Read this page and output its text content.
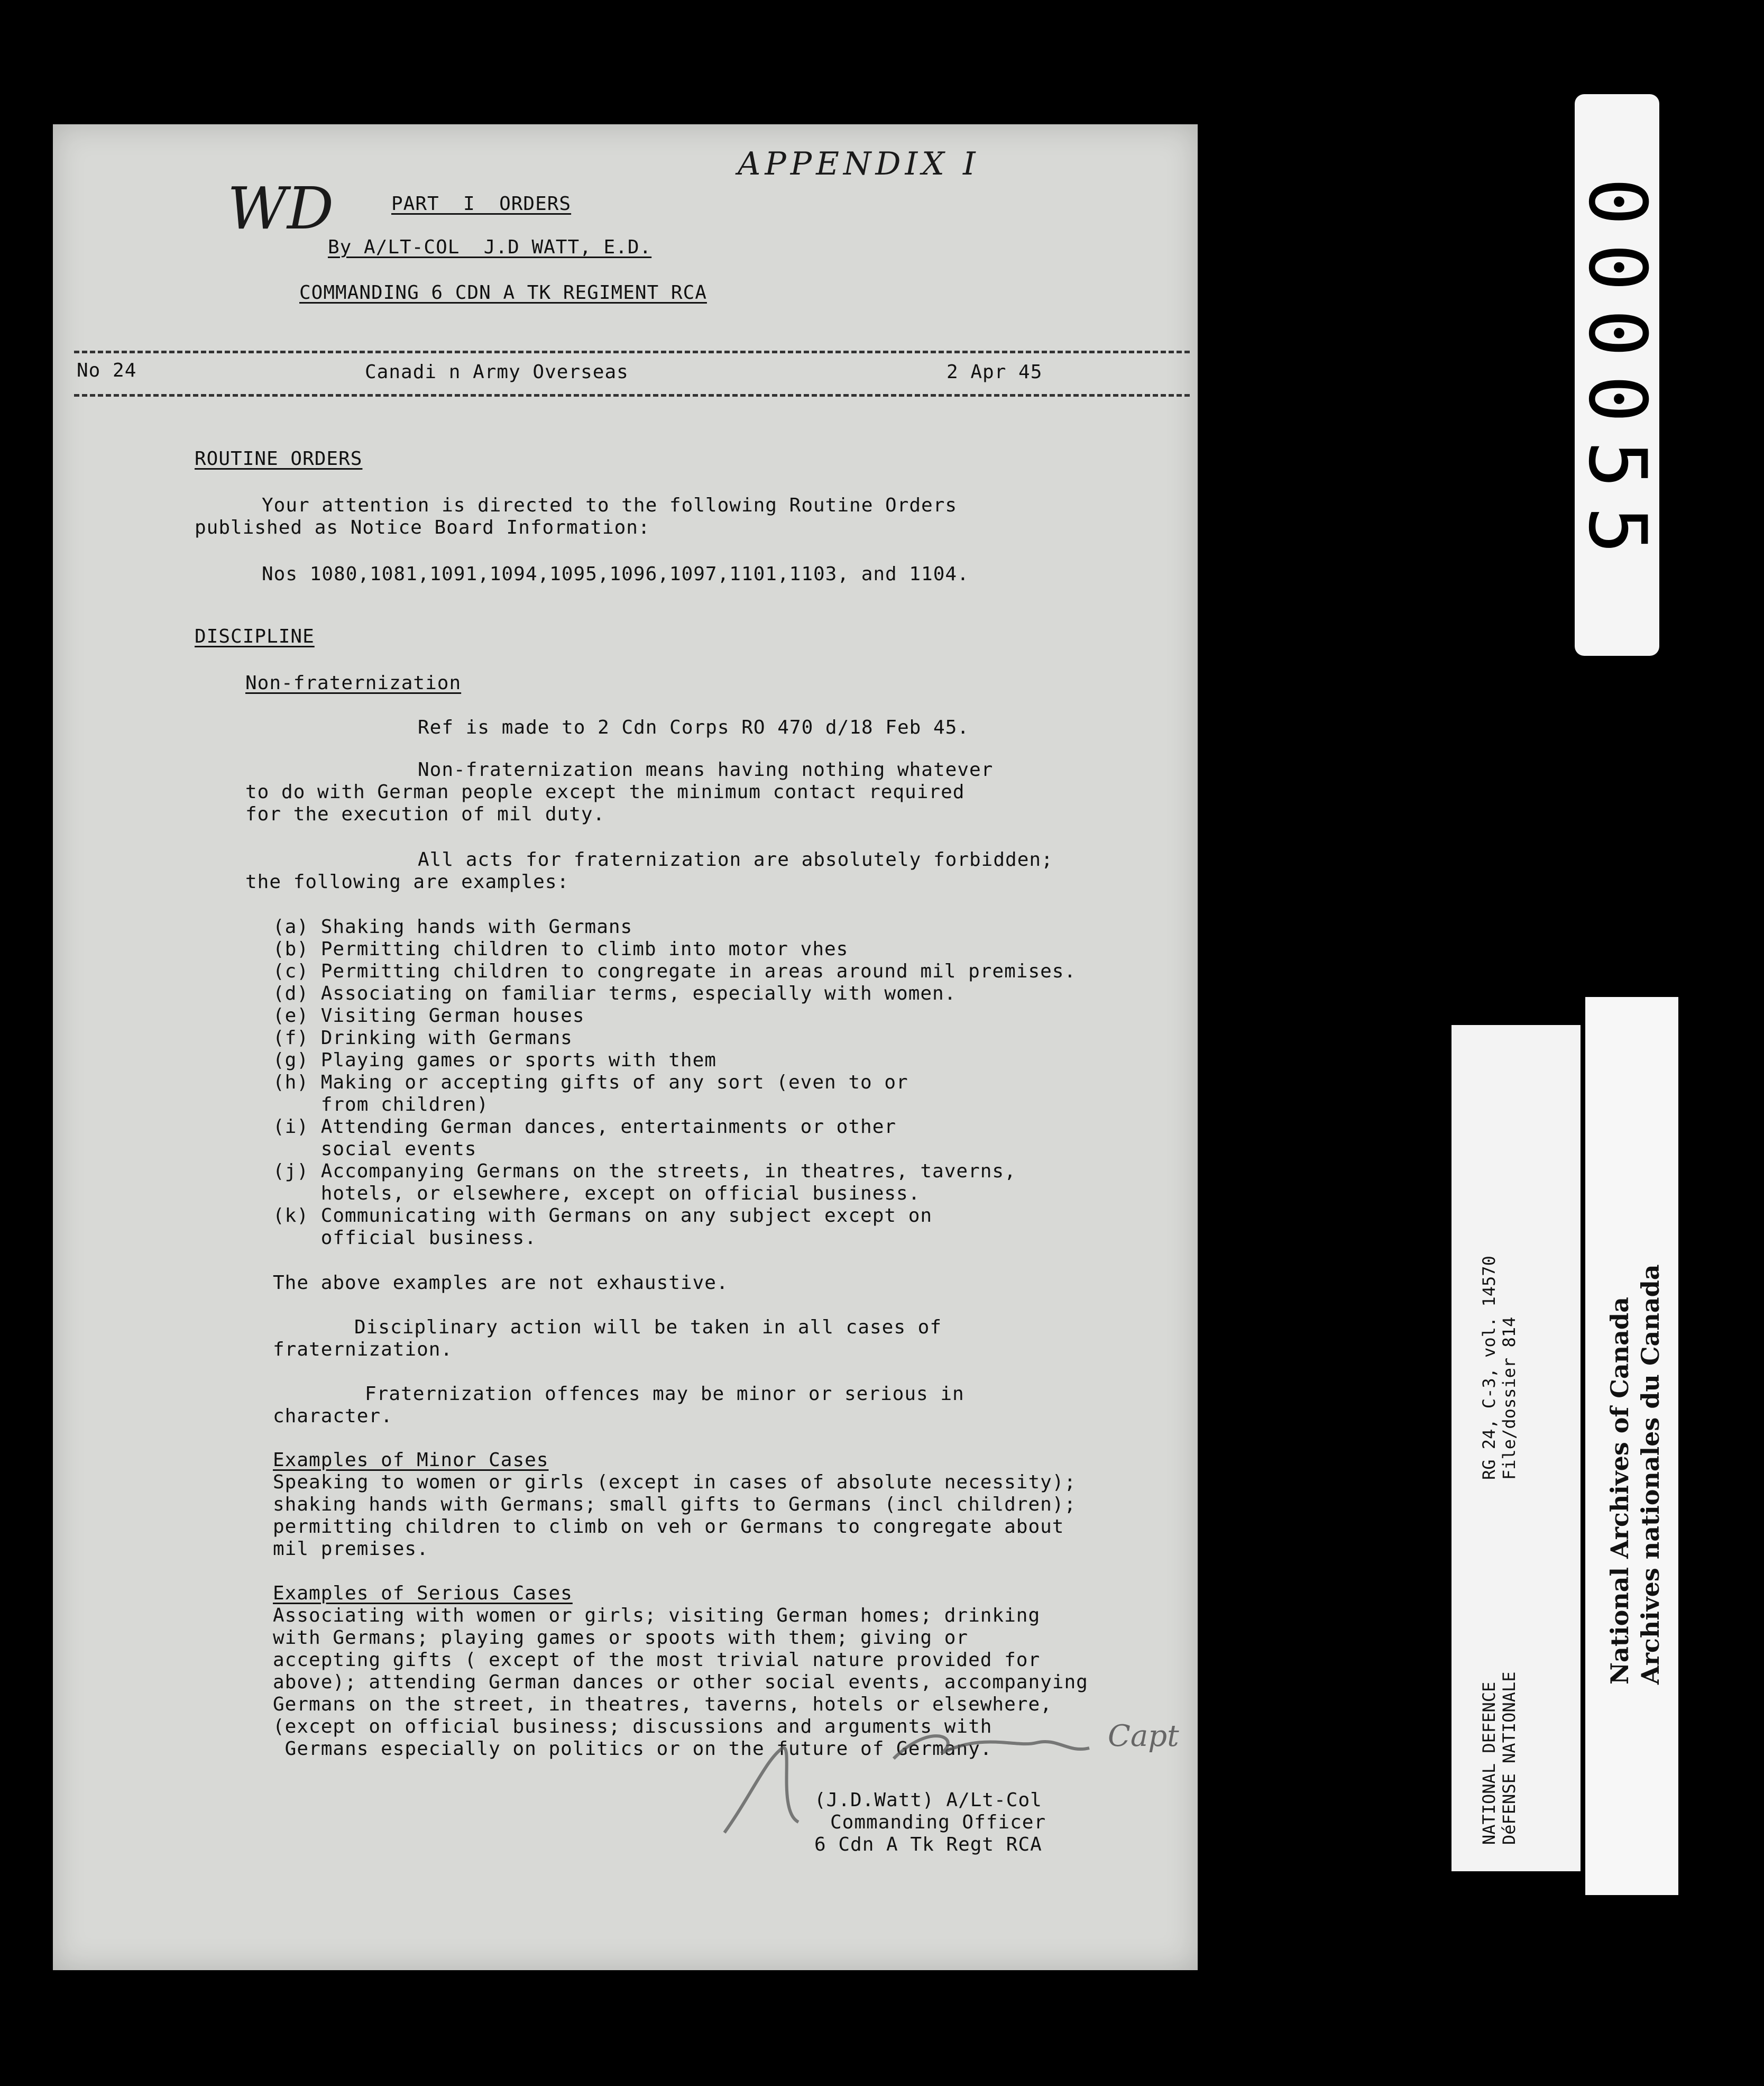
WD
APPENDIX I
PART  I  ORDERS
By A/LT-COL  J.D WATT, E.D.
COMMANDING 6 CDN A TK REGIMENT RCA
No 24	Canadi n Army Overseas	2 Apr 45
ROUTINE ORDERS
Your attention is directed to the following Routine Orders
published as Notice Board Information:
Nos 1080,1081,1091,1094,1095,1096,1097,1101,1103, and 1104.
DISCIPLINE
Non-fraternization
Ref is made to 2 Cdn Corps RO 470 d/18 Feb 45.
Non-fraternization means having nothing whatever
to do with German people except the minimum contact required
for the execution of mil duty.
All acts for fraternization are absolutely forbidden;
the following are examples:
(a) Shaking hands with Germans
(b) Permitting children to climb into motor vhes
(c) Permitting children to congregate in areas around mil premises.
(d) Associating on familiar terms, especially with women.
(e) Visiting German houses
(f) Drinking with Germans
(g) Playing games or sports with them
(h) Making or accepting gifts of any sort (even to or
from children)
(i) Attending German dances, entertainments or other
social events
(j) Accompanying Germans on the streets, in theatres, taverns,
hotels, or elsewhere, except on official business.
(k) Communicating with Germans on any subject except on
official business.
The above examples are not exhaustive.
Disciplinary action will be taken in all cases of
fraternization.
Fraternization offences may be minor or serious in
character.
Examples of Minor Cases
Speaking to women or girls (except in cases of absolute necessity);
shaking hands with Germans; small gifts to Germans (incl children);
permitting children to climb on veh or Germans to congregate about
mil premises.
Examples of Serious Cases
Associating with women or girls; visiting German homes; drinking
with Germans; playing games or spoots with them; giving or
accepting gifts ( except of the most trivial nature provided for
above); attending German dances or other social events, accompanying
Germans on the street, in theatres, taverns, hotels or elsewhere,
(except on official business; discussions and arguments with
Germans especially on politics or on the future of Germany.	Capt
(J.D.Watt) A/Lt-Col
Commanding Officer
6 Cdn A Tk Regt RCA
000055
RG 24, C-3, vol. 14570 File/dossier 814
NATIONAL DEFENCE DéFENSE NATIONALE
National Archives of Canada Archives nationales du Canada
